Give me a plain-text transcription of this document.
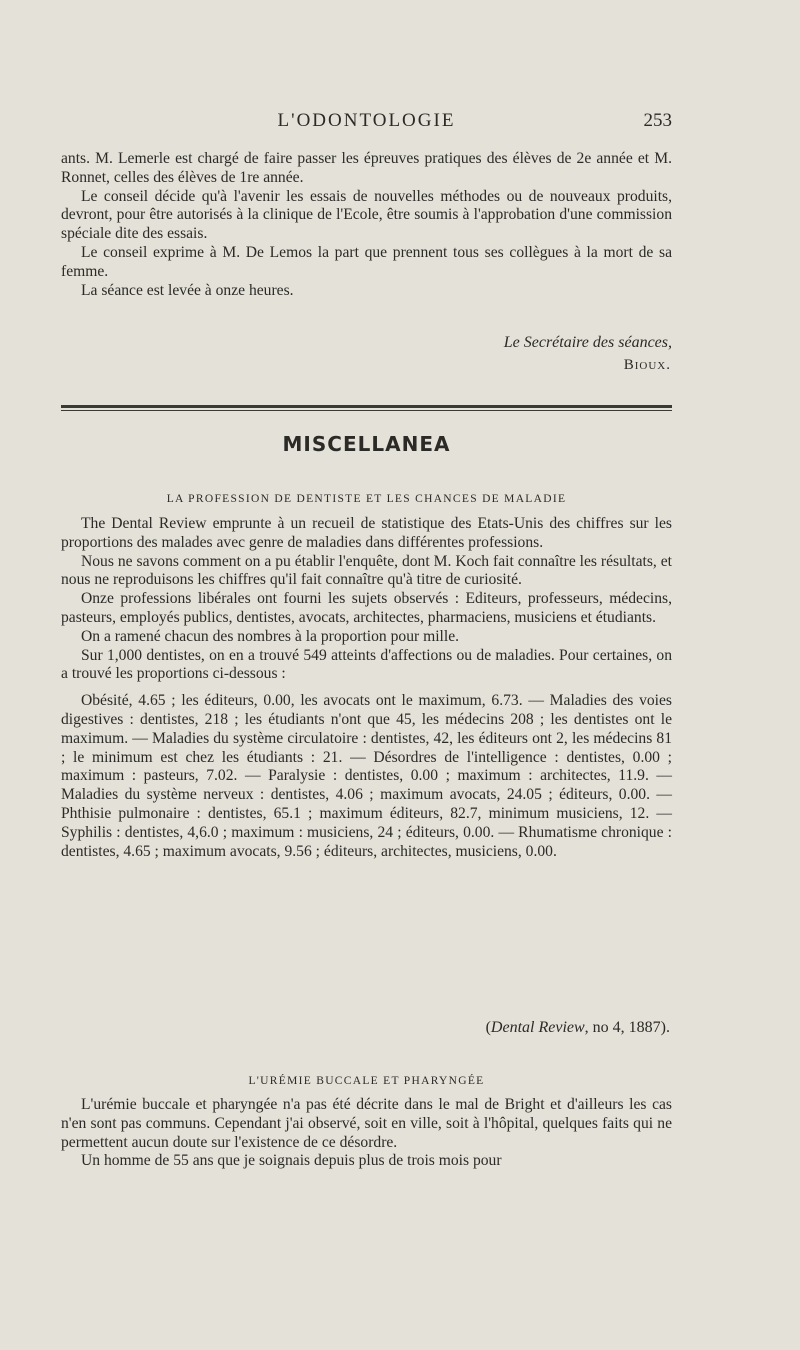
L'ODONTOLOGIE	253

ants. M. Lemerle est chargé de faire passer les épreuves pratiques des élèves de 2e année et M. Ronnet, celles des élèves de 1re année.

Le conseil décide qu'à l'avenir les essais de nouvelles méthodes ou de nouveaux produits, devront, pour être autorisés à la clinique de l'Ecole, être soumis à l'approbation d'une commission spéciale dite des essais.

Le conseil exprime à M. De Lemos la part que prennent tous ses collègues à la mort de sa femme.

La séance est levée à onze heures.

Le Secrétaire des séances,
Bioux.
MISCELLANEA
LA PROFESSION DE DENTISTE ET LES CHANCES DE MALADIE

The Dental Review emprunte à un recueil de statistique des Etats-Unis des chiffres sur les proportions des malades avec genre de maladies dans différentes professions.

Nous ne savons comment on a pu établir l'enquête, dont M. Koch fait connaître les résultats, et nous ne reproduisons les chiffres qu'il fait connaître qu'à titre de curiosité.

Onze professions libérales ont fourni les sujets observés : Editeurs, professeurs, médecins, pasteurs, employés publics, dentistes, avocats, architectes, pharmaciens, musiciens et étudiants.

On a ramené chacun des nombres à la proportion pour mille.

Sur 1,000 dentistes, on en a trouvé 549 atteints d'affections ou de maladies. Pour certaines, on a trouvé les proportions ci-dessous :

Obésité, 4.65 ; les éditeurs, 0.00, les avocats ont le maximum, 6.73. — Maladies des voies digestives : dentistes, 218 ; les étudiants n'ont que 45, les médecins 208 ; les dentistes ont le maximum. — Maladies du système circulatoire : dentistes, 42, les éditeurs ont 2, les médecins 81 ; le minimum est chez les étudiants : 21. — Désordres de l'intelligence : dentistes, 0.00 ; maximum : pasteurs, 7.02. — Paralysie : dentistes, 0.00 ; maximum : architectes, 11.9. — Maladies du système nerveux : dentistes, 4.06 ; maximum avocats, 24.05 ; éditeurs, 0.00. — Phthisie pulmonaire : dentistes, 65.1 ; maximum éditeurs, 82.7, minimum musiciens, 12. — Syphilis : dentistes, 4,6.0 ; maximum : musiciens, 24 ; éditeurs, 0.00. — Rhumatisme chronique : dentistes, 4.65 ; maximum avocats, 9.56 ; éditeurs, architectes, musiciens, 0.00.

(Dental Review, no 4, 1887).
L'URÉMIE BUCCALE ET PHARYNGÉE

L'urémie buccale et pharyngée n'a pas été décrite dans le mal de Bright et d'ailleurs les cas n'en sont pas communs. Cependant j'ai observé, soit en ville, soit à l'hôpital, quelques faits qui ne permettent aucun doute sur l'existence de ce désordre.

Un homme de 55 ans que je soignais depuis plus de trois mois pour
